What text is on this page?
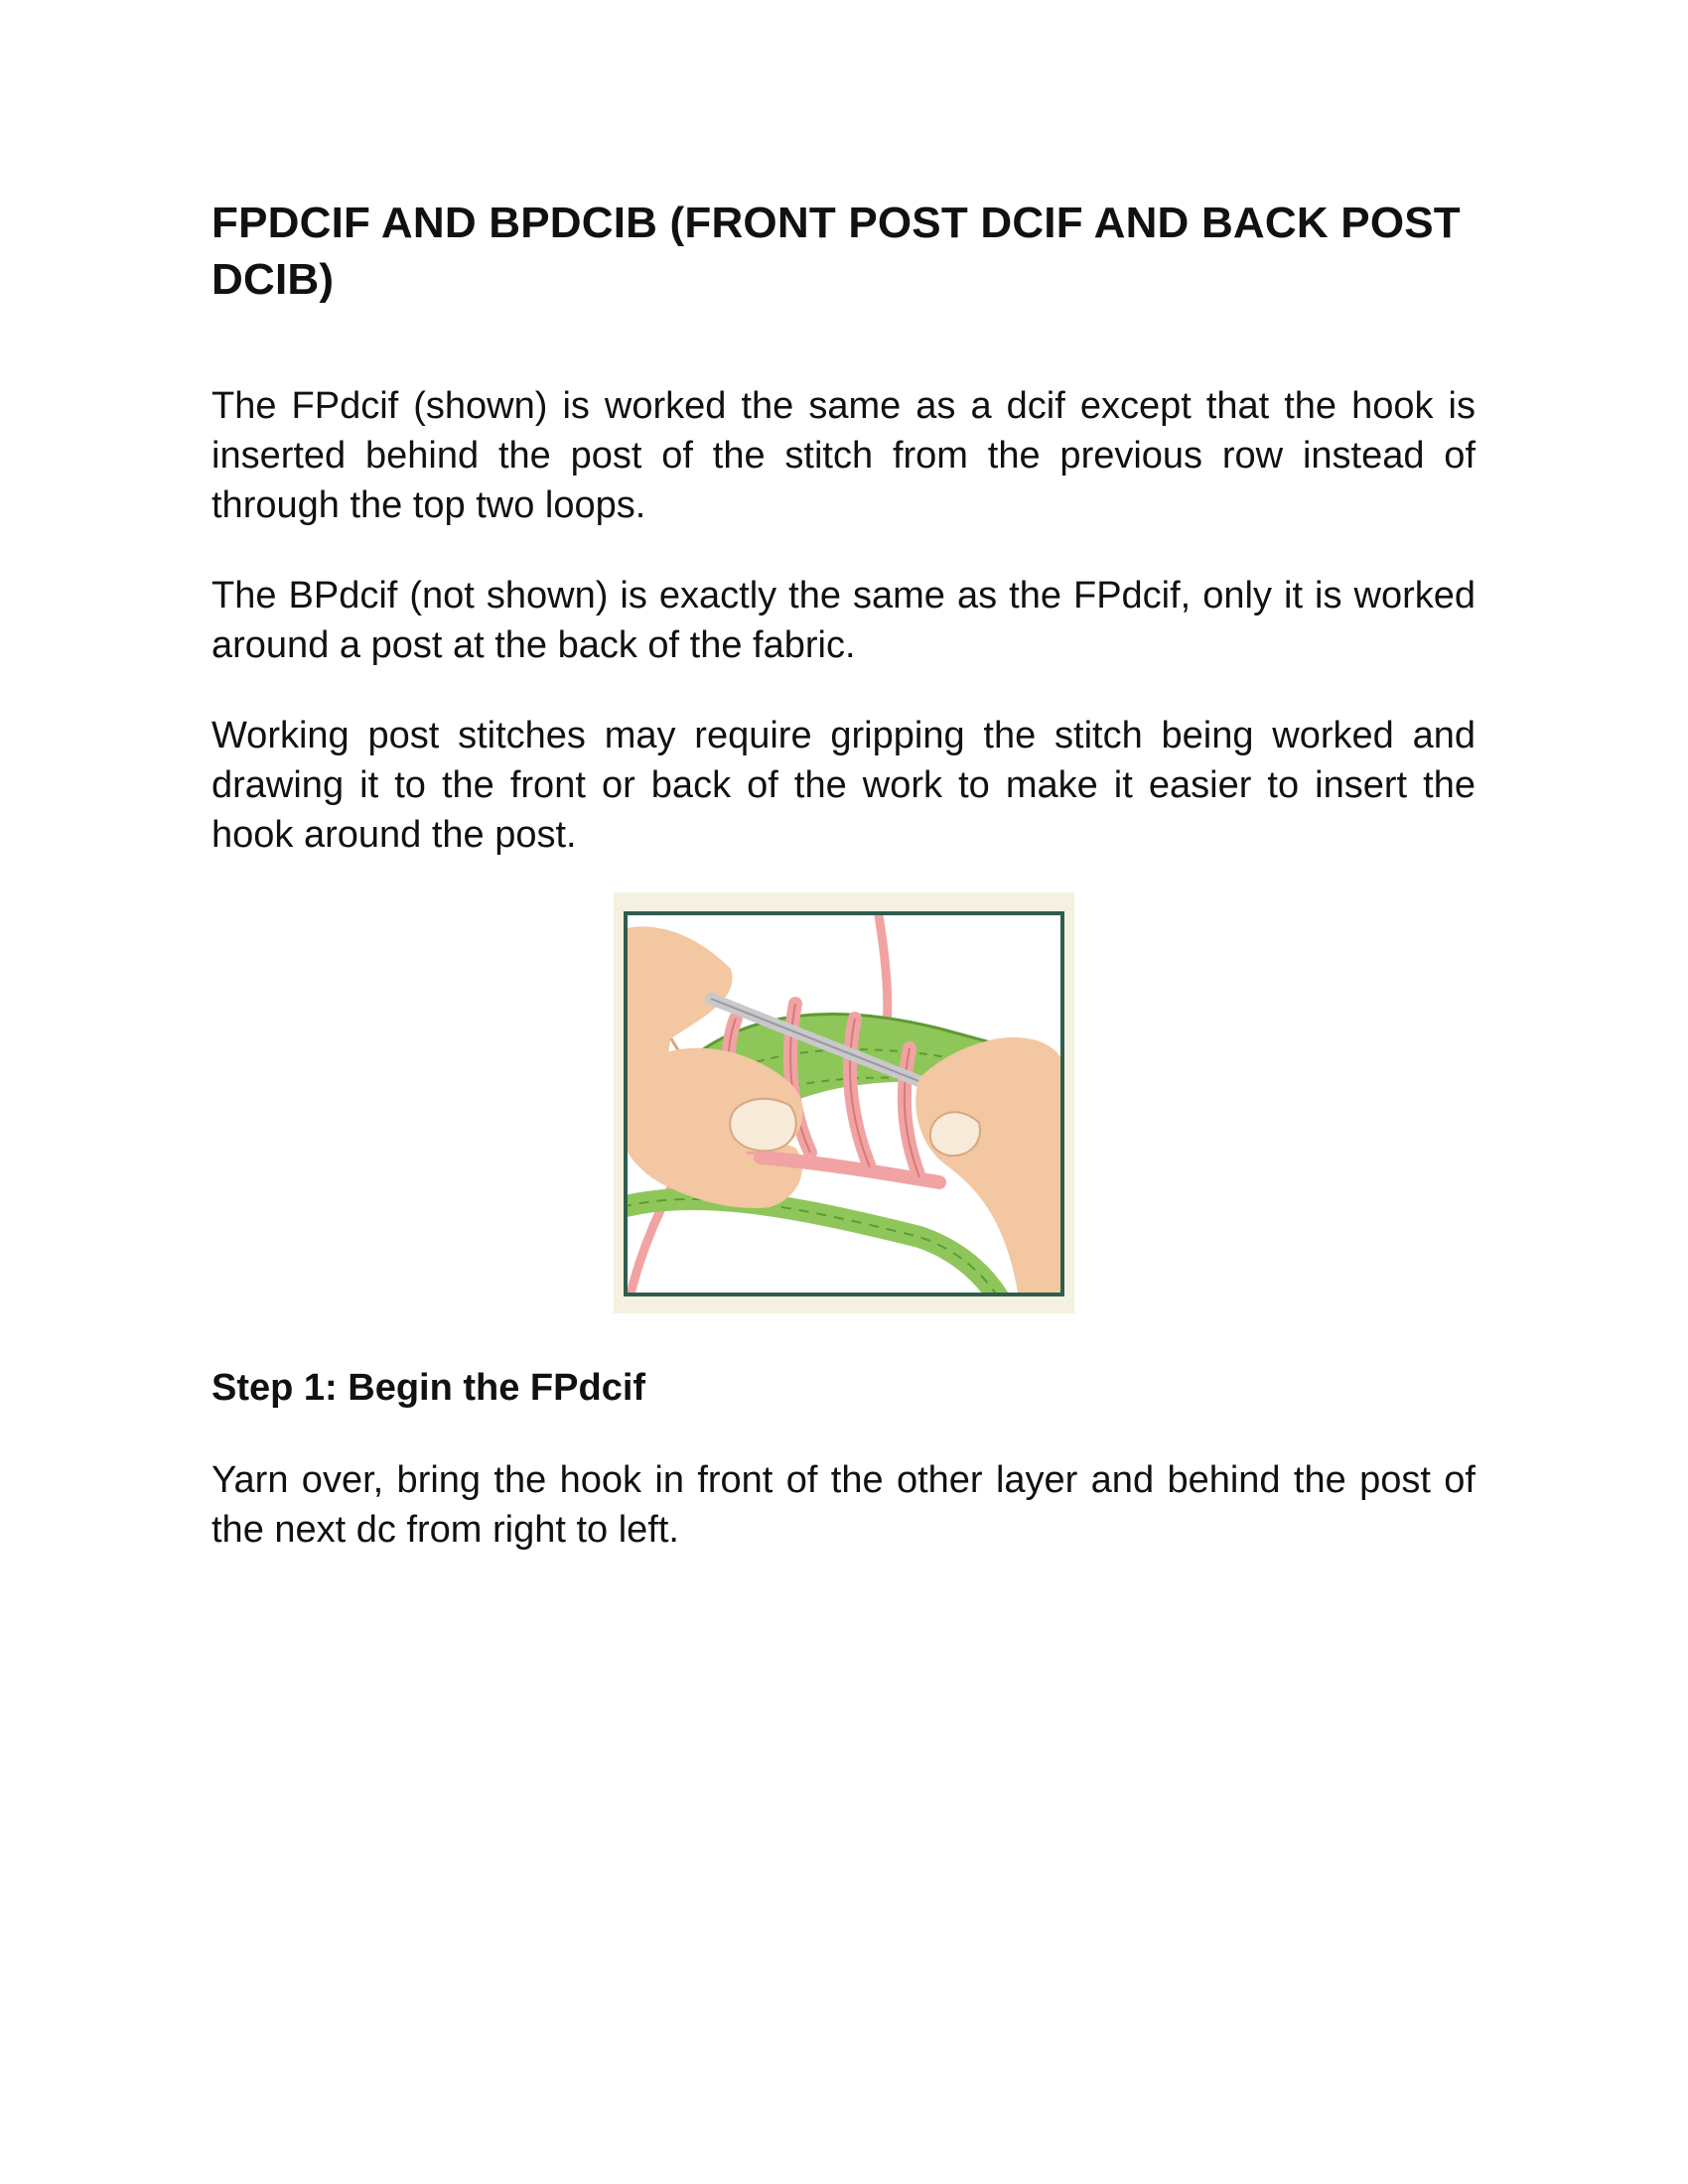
FPDCIF AND BPDCIB (FRONT POST DCIF AND BACK POST DCIB)

The FPdcif (shown) is worked the same as a dcif except that the hook is inserted behind the post of the stitch from the previous row instead of through the top two loops.

The BPdcif (not shown) is exactly the same as the FPdcif, only it is worked around a post at the back of the fabric.

Working post stitches may require gripping the stitch being worked and drawing it to the front or back of the work to make it easier to insert the hook around the post.

Step 1: Begin the FPdcif

Yarn over, bring the hook in front of the other layer and behind the post of the next dc from right to left.
